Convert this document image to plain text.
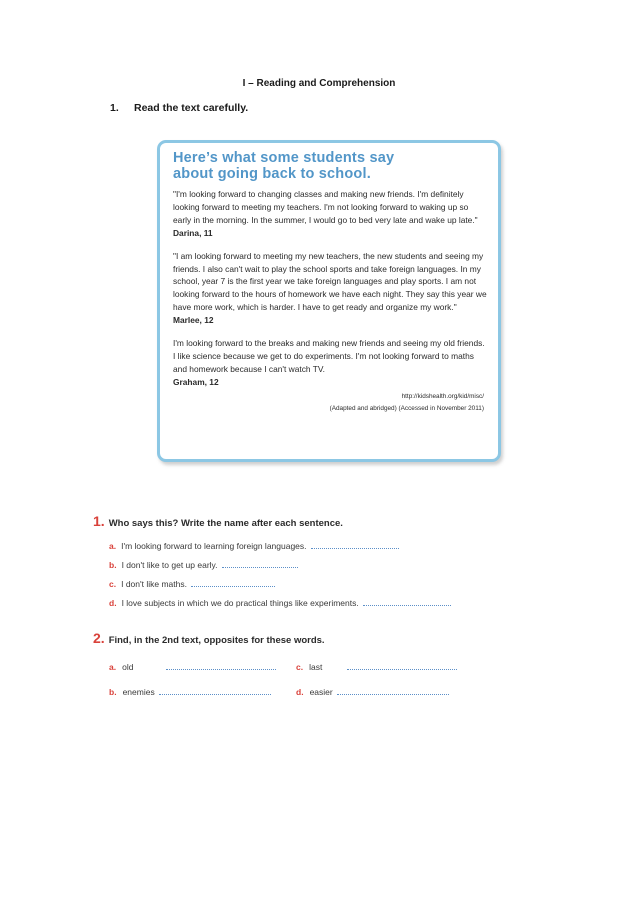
I – Reading and Comprehension
1. Read the text carefully.
Here’s what some students say
about going back to school.

"I'm looking forward to changing classes and making new friends. I'm definitely looking forward to meeting my teachers. I'm not looking forward to waking up so early in the morning. In the summer, I would go to bed very late and wake up late."

Darina, 11

"I am looking forward to meeting my new teachers, the new students and seeing my friends. I also can't wait to play the school sports and take foreign languages. In my school, year 7 is the first year we take foreign languages and play sports. I am not looking forward to the hours of homework we have each night. They say this year we have more work, which is harder. I have to get ready and organize my work."

Marlee, 12

I'm looking forward to the breaks and making new friends and seeing my old friends. I like science because we get to do experiments. I'm not looking forward to maths and homework because I can't watch TV.

Graham, 12

http://kidshealth.org/kid/misc/

(Adapted and abridged) (Accessed in November 2011)

1. Who says this? Write the name after each sentence.
a. I'm looking forward to learning foreign languages.
b. I don't like to get up early.
c. I don't like maths.
d. I love subjects in which we do practical things like experiments.
2. Find, in the 2nd text, opposites for these words.
a. old	c. last
b. enemies	d. easier
